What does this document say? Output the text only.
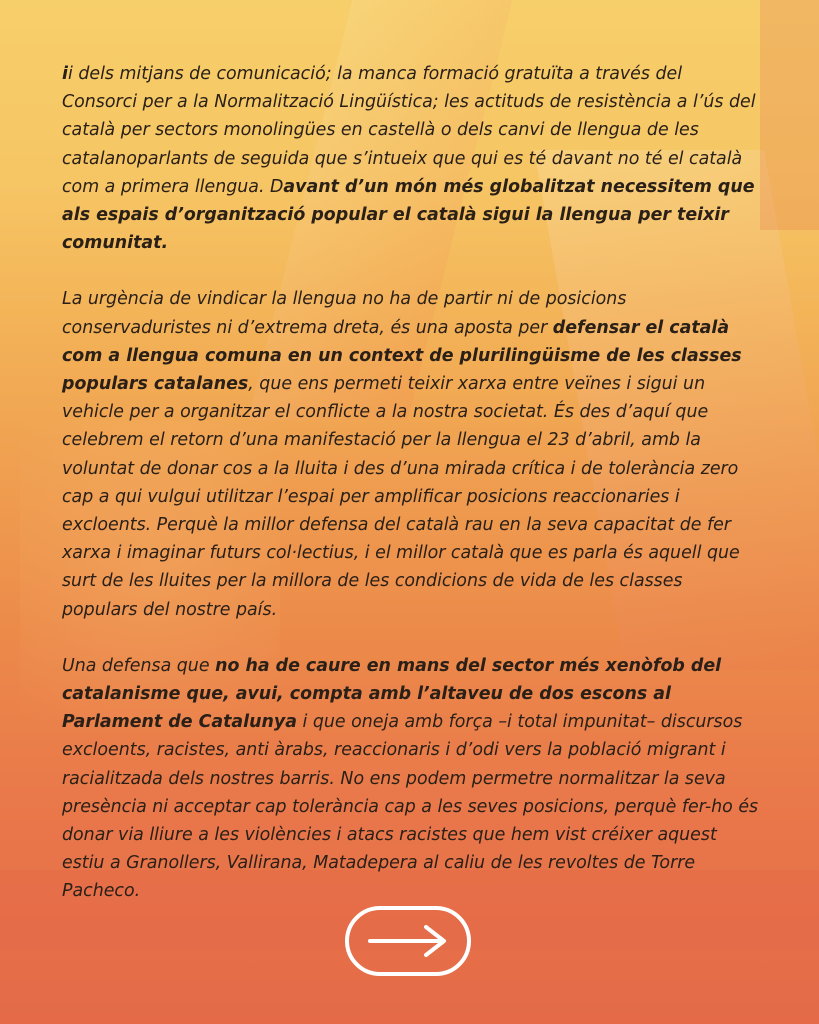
ii dels mitjans de comunicació; la manca formació gratuïta a través del Consorci per a la Normalització Lingüística; les actituds de resistència a l’ús del català per sectors monolingües en castellà o dels canvi de llengua de les catalanoparlants de seguida que s’intueix que qui es té davant no té el català com a primera llengua. Davant d’un món més globalitzat necessitem que als espais d’organització popular el català sigui la llengua per teixir comunitat.

La urgència de vindicar la llengua no ha de partir ni de posicions conservaduristes ni d’extrema dreta, és una aposta per defensar el català com a llengua comuna en un context de plurilingüisme de les classes populars catalanes, que ens permeti teixir xarxa entre veïnes i sigui un vehicle per a organitzar el conflicte a la nostra societat. És des d’aquí que celebrem el retorn d’una manifestació per la llengua el 23 d’abril, amb la voluntat de donar cos a la lluita i des d’una mirada crítica i de tolerància zero cap a qui vulgui utilitzar l’espai per amplificar posicions reaccionaries i excloents. Perquè la millor defensa del català rau en la seva capacitat de fer xarxa i imaginar futurs col·lectius, i el millor català que es parla és aquell que surt de les lluites per la millora de les condicions de vida de les classes populars del nostre país.

Una defensa que no ha de caure en mans del sector més xenòfob del catalanisme que, avui, compta amb l’altaveu de dos escons al Parlament de Catalunya i que oneja amb força –i total impunitat– discursos excloents, racistes, anti àrabs, reaccionaris i d’odi vers la població migrant i racialitzada dels nostres barris. No ens podem permetre normalitzar la seva presència ni acceptar cap tolerància cap a les seves posicions, perquè fer-ho és donar via lliure a les violències i atacs racistes que hem vist créixer aquest estiu a Granollers, Vallirana, Matadepera al caliu de les revoltes de Torre Pacheco.
